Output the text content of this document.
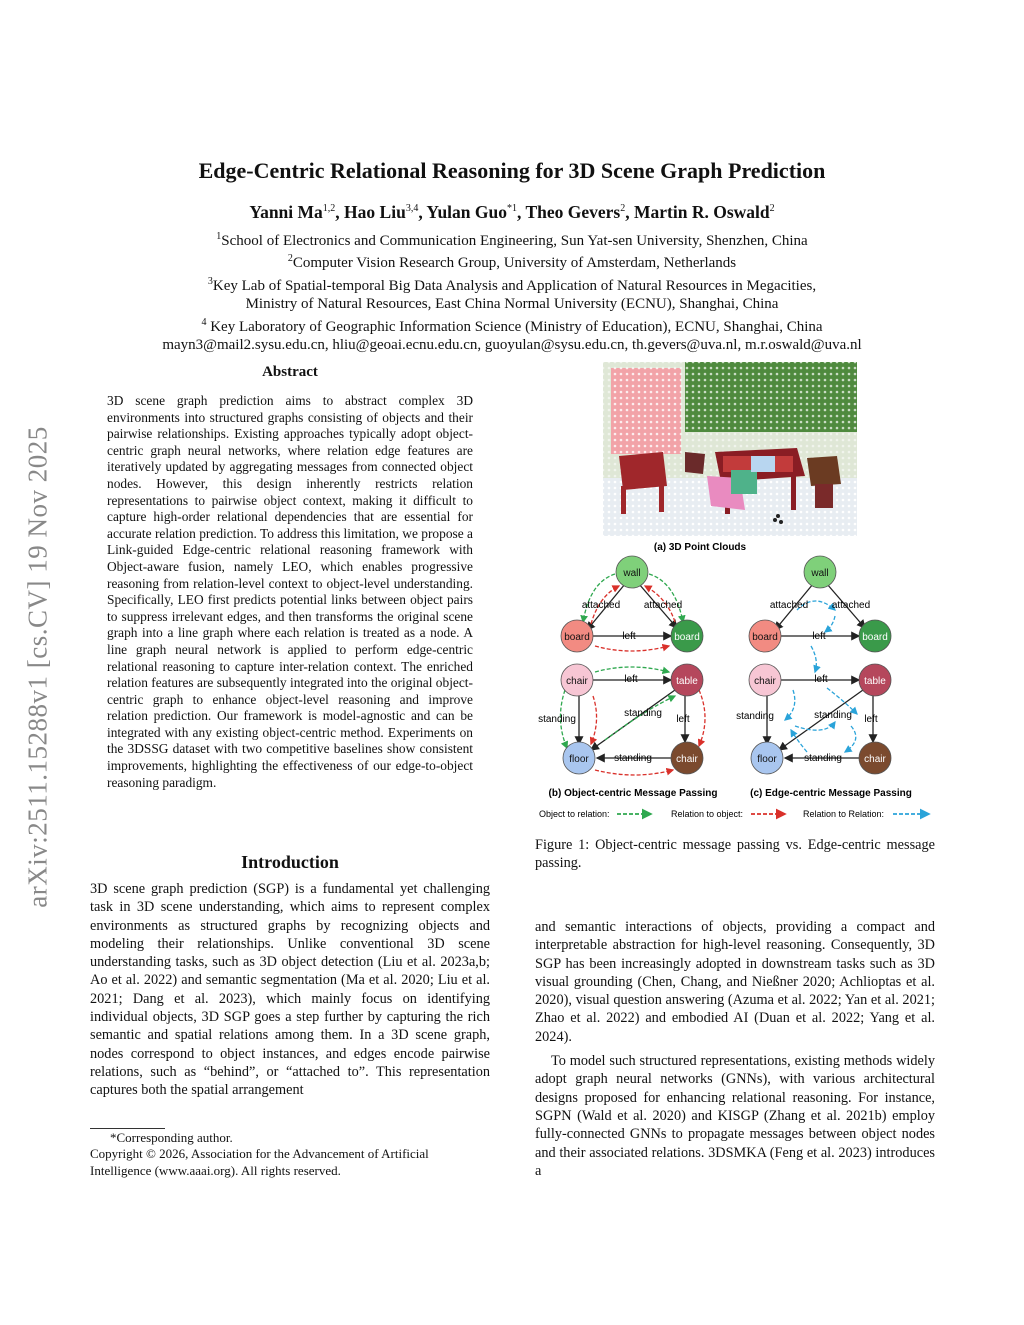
arXiv:2511.15288v1 [cs.CV] 19 Nov 2025
Edge-Centric Relational Reasoning for 3D Scene Graph Prediction
Yanni Ma$^{1,2}$, Hao Liu$^{3,4}$, Yulan Guo$^{*1}$, Theo Gevers$^2$, Martin R. Oswald$^2$
$^1$School of Electronics and Communication Engineering, Sun Yat-sen University, Shenzhen, China
$^2$Computer Vision Research Group, University of Amsterdam, Netherlands
$^3$Key Lab of Spatial-temporal Big Data Analysis and Application of Natural Resources in Megacities,
Ministry of Natural Resources, East China Normal University (ECNU), Shanghai, China
$^4$ Key Laboratory of Geographic Information Science (Ministry of Education), ECNU, Shanghai, China
mayn3@mail2.sysu.edu.cn, hliu@geoai.ecnu.edu.cn, guoyulan@sysu.edu.cn, th.gevers@uva.nl, m.r.oswald@uva.nl
Abstract

3D scene graph prediction aims to abstract complex 3D environments into structured graphs consisting of objects and their pairwise relationships. Existing approaches typically adopt object-centric graph neural networks, where relation edge features are iteratively updated by aggregating messages from connected object nodes. However, this design inherently restricts relation representations to pairwise object context, making it difficult to capture high-order relational dependencies that are essential for accurate relation prediction. To address this limitation, we propose a Link-guided Edge-centric relational reasoning framework with Object-aware fusion, namely LEO, which enables progressive reasoning from relation-level context to object-level understanding. Specifically, LEO first predicts potential links between object pairs to suppress irrelevant edges, and then transforms the original scene graph into a line graph where each relation is treated as a node. A line graph neural network is applied to perform edge-centric relational reasoning to capture inter-relation context. The enriched relation features are subsequently integrated into the original object-centric graph to enhance object-level reasoning and improve relation prediction. Our framework is model-agnostic and can be integrated with any existing object-centric method. Experiments on the 3DSSG dataset with two competitive baselines show consistent improvements, highlighting the effectiveness of our edge-to-object reasoning paradigm.

Introduction

3D scene graph prediction (SGP) is a fundamental yet challenging task in 3D scene understanding, which aims to represent complex environments as structured graphs by recognizing objects and modeling their relationships. Unlike conventional 3D scene understanding tasks, such as 3D object detection (Liu et al. 2023a,b; Ao et al. 2022) and semantic segmentation (Ma et al. 2020; Liu et al. 2021; Dang et al. 2023), which mainly focus on identifying individual objects, 3D SGP goes a step further by capturing the rich semantic and spatial relations among them. In a 3D scene graph, nodes correspond to object instances, and edges encode pairwise relations, such as “behind”, or “attached to”. This representation captures both the spatial arrangement

*Corresponding author.
Copyright © 2026, Association for the Advancement of Artificial Intelligence (www.aaai.org). All rights reserved.
(a) 3D Point Clouds
wall
board	board
chair	table
floor	chair
attached attached
left
left
standing
standing
left
standing
(b) Object-centric Message Passing
wall
board	board
chair	table
floor	chair
attached attached
left
left
standing	standing left
standing
(c) Edge-centric Message Passing
Object to relation:	Relation to object:	Relation to Relation:
Figure 1: Object-centric message passing vs. Edge-centric message passing.

and semantic interactions of objects, providing a compact and interpretable abstraction for high-level reasoning. Consequently, 3D SGP has been increasingly adopted in downstream tasks such as 3D visual grounding (Chen, Chang, and Nießner 2020; Achlioptas et al. 2020), visual question answering (Azuma et al. 2022; Yan et al. 2021; Zhao et al. 2022) and embodied AI (Duan et al. 2022; Yang et al. 2024).

To model such structured representations, existing methods widely adopt graph neural networks (GNNs), with various architectural designs proposed for enhancing relational reasoning. For instance, SGPN (Wald et al. 2020) and KISGP (Zhang et al. 2021b) employ fully-connected GNNs to propagate messages between object nodes and their associated relations. 3DSMKA (Feng et al. 2023) introduces a
